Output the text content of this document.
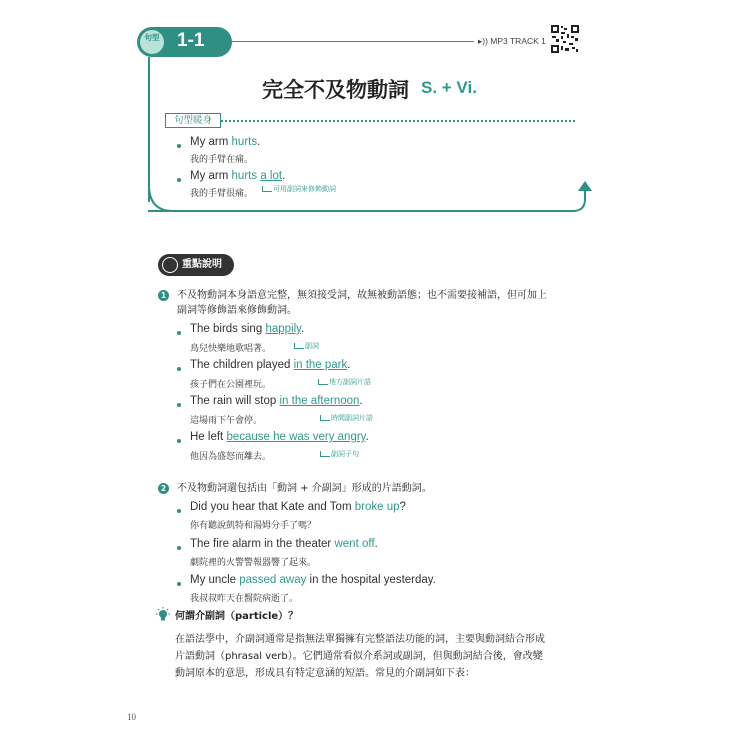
句型 1-1	▸)) MP3 TRACK 1
完全不及物動詞 S. + Vi.
句型暖身
My arm hurts.
我的手臂在痛。
My arm hurts a lot.
我的手臂很痛。	可用副詞來修飾動詞
重點說明
1 不及物動詞本身語意完整，無須接受詞，故無被動語態；也不需要接補語，但可加上
副詞等修飾語來修飾動詞。
The birds sing happily.
鳥兒快樂地歌唱著。	副詞
The children played in the park.
孩子們在公園裡玩。	地方副詞片語
The rain will stop in the afternoon.
這場雨下午會停。	時間副詞片語
He left because he was very angry.
他因為盛怒而離去。	副詞子句
2 不及物動詞還包括由「動詞 + 介副詞」形成的片語動詞。
Did you hear that Kate and Tom broke up?
你有聽說凱特和湯姆分手了嗎？
The fire alarm in the theater went off.
劇院裡的火警警報器響了起來。
My uncle passed away in the hospital yesterday.
我叔叔昨天在醫院病逝了。
何謂介副詞（particle）？
在語法學中，介副詞通常是指無法單獨擁有完整語法功能的詞，主要與動詞結合形成
片語動詞（phrasal verb）。它們通常看似介系詞或副詞，但與動詞結合後，會改變
動詞原本的意思，形成具有特定意涵的短語。常見的介副詞如下表：
10
